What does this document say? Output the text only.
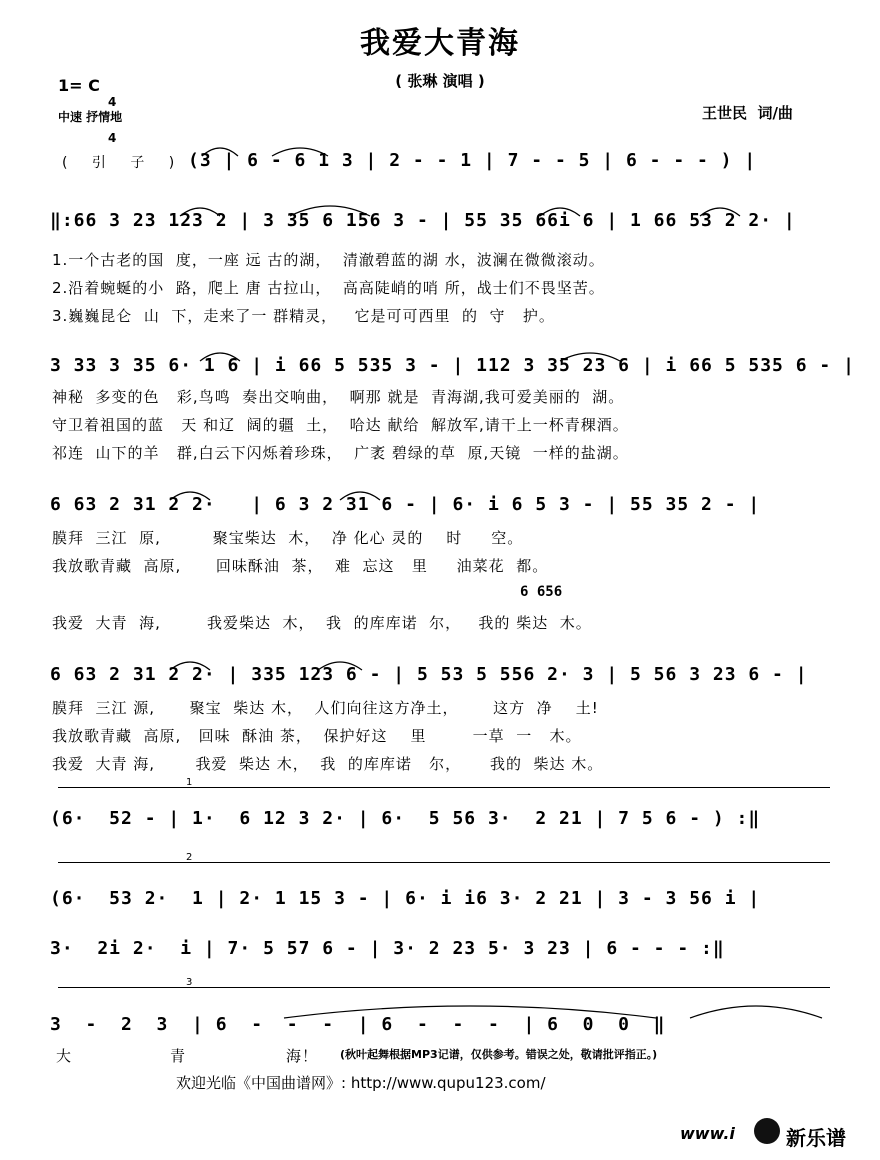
我爱大青海
( 张琳 演唱 )
1= C

4

4

中速 抒情地	王世民  词/曲
( 引 子 ) (3 | 6 - 6 1 3 | 2 - - 1 | 7 - - 5 | 6 - - - ) |
‖:66 3 23 123 2 | 3 35 6 156 3 - | 55 35 66i 6 | 1 66 53 2 2· |
1.一个古老的国  度，一座 远 古的湖，  清澈碧蓝的湖 水，波澜在微微滚动。
2.沿着蜿蜒的小  路，爬上 唐 古拉山，  高高陡峭的哨 所，战士们不畏坚苦。
3.巍巍昆仑  山  下，走来了一 群精灵，   它是可可西里  的  守   护。
3 33 3 35 6· 1 6 | i 66 5 535 3 - | 112 3 35 23 6 | i 66 5 535 6 - |
神秘  多变的色   彩,鸟鸣  奏出交响曲，  啊那 就是  青海湖,我可爱美丽的  湖。
守卫着祖国的蓝   天 和辽  阔的疆  土，  哈达 献给  解放军,请干上一杯青稞酒。
祁连  山下的羊   群,白云下闪烁着珍珠，  广袤 碧绿的草  原,天镜  一样的盐湖。
6 63 2 31 2 2·   | 6 3 2 31 6 - | 6· i 6 5 3 - | 55 35 2 - |
膜拜  三江  原,         聚宝柴达  木，  净 化心 灵的    时     空。
我放歌青藏  高原,      回味酥油  茶，  难  忘这   里     油菜花  都。
6 656
我爱  大青  海,        我爱柴达  木，  我  的库库诺  尔，   我的 柴达  木。
6 63 2 31 2 2· | 335 123 6 - | 5 53 5 556 2· 3 | 5 56 3 23 6 - |
膜拜  三江 源,      聚宝  柴达 木，  人们向往这方净土，      这方  净    土!
我放歌青藏  高原,   回味  酥油 茶，  保护好这    里        一草  一   木。
我爱  大青 海,       我爱  柴达 木，  我  的库库诺   尔，     我的  柴达 木。
1
(6·  52 - | 1·  6 12 3 2· | 6·  5 56 3·  2 21 | 7 5 6 - ) :‖
2
(6·  53 2·  1 | 2· 1 15 3 - | 6· i i6 3· 2 21 | 3 - 3 56 i |
3·  2i 2·  i | 7· 5 57 6 - | 3· 2 23 5· 3 23 | 6 - - - :‖
3
3  -  2  3  | 6  -  -  -  | 6  -  -  -  | 6  0  0  ‖
大	青	海！ (秋叶起舞根据MP3记谱，仅供参考。错误之处，敬请批评指正。)
欢迎光临《中国曲谱网》: http://www.qupu123.com/
www.i	新乐谱
